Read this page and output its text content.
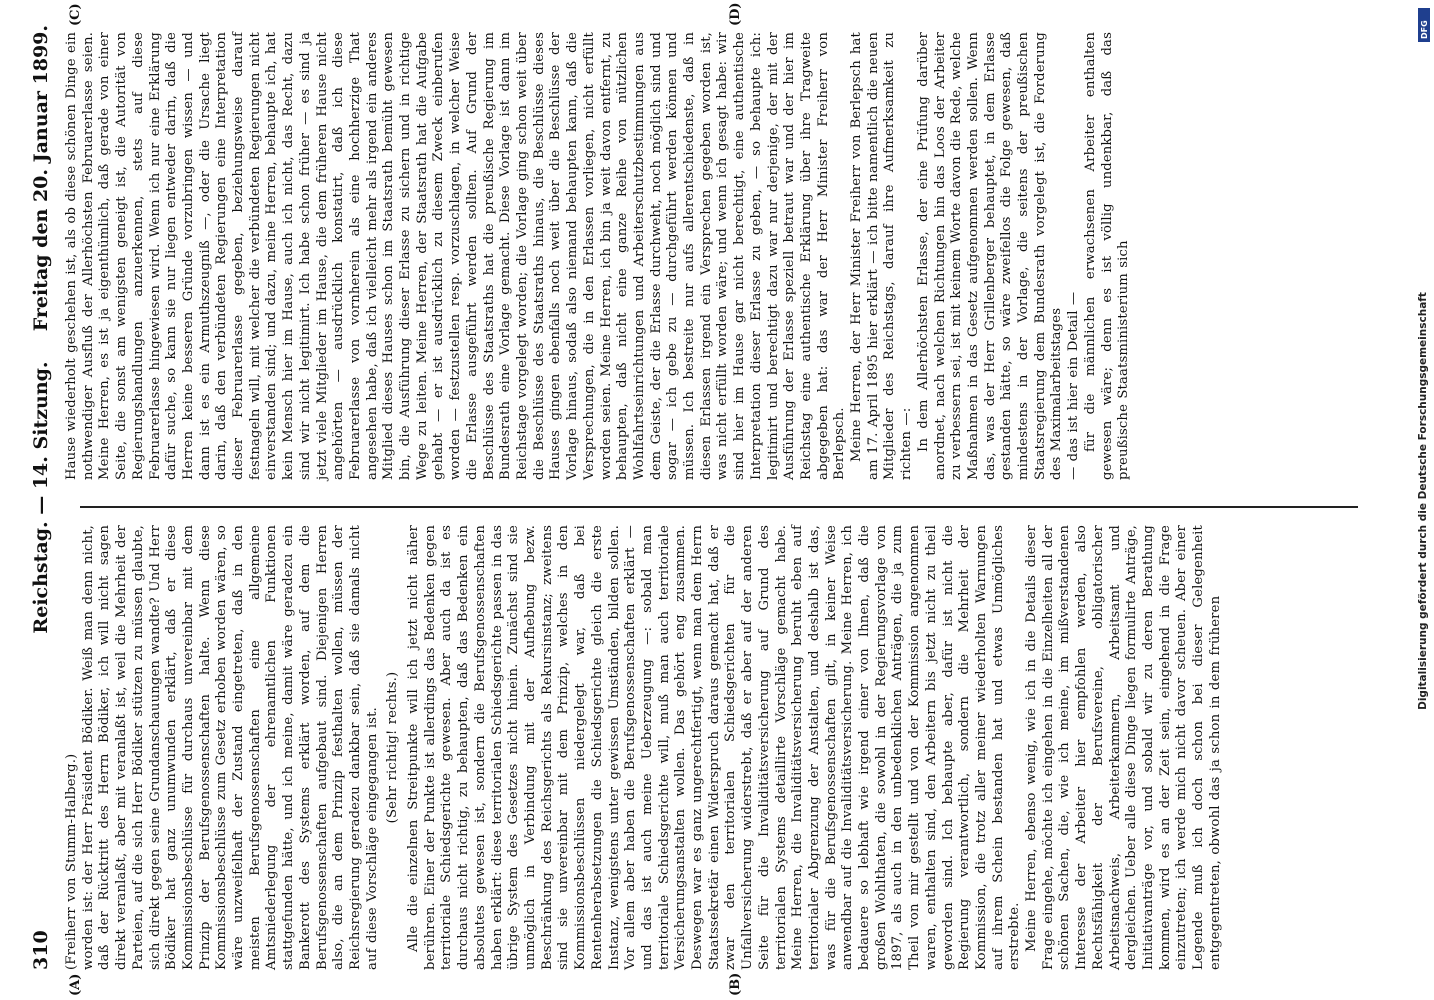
310
Reichstag. — 14. Sitzung.
Freitag den 20. Januar 1899.
(A)	(B)
(C)	(D)

(Freiherr von Stumm-Halberg.) worden ist: der Herr Präsident Bödiker. Weiß man denn nicht, daß der Rücktritt des Herrn Bödiker, ich will nicht sagen direkt veranlaßt, aber mit veranlaßt ist, weil die Mehrheit der Parteien, auf die sich Herr Bödiker stützen zu müssen glaubte, sich direkt gegen seine Grundanschauungen wandte? Und Herr Bödiker hat ganz unumwunden erklärt, daß er diese Kommissionsbeschlüsse für durchaus unvereinbar mit dem Prinzip der Berufsgenossenschaften halte. Wenn diese Kommissionsbeschlüsse zum Gesetz erhoben worden wären, so wäre unzweifelhaft der Zustand eingetreten, daß in den meisten Berufsgenossenschaften eine allgemeine Amtsniederlegung der ehrenamtlichen Funktionen stattgefunden hätte, und ich meine, damit wäre geradezu ein Bankerott des Systems erklärt worden, auf dem die Berufsgenossenschaften aufgebaut sind. Diejenigen Herren also, die an dem Prinzip festhalten wollen, müssen der Reichsregierung geradezu dankbar sein, daß sie damals nicht auf diese Vorschläge eingegangen ist. (Sehr richtig! rechts.) Alle die einzelnen Streitpunkte will ich jetzt nicht näher berühren. Einer der Punkte ist allerdings das Bedenken gegen territoriale Schiedsgerichte gewesen. Aber auch da ist es durchaus nicht richtig, zu behaupten, daß das Bedenken ein absolutes gewesen ist, sondern die Berufsgenossenschaften haben erklärt: diese territorialen Schiedsgerichte passen in das übrige System des Gesetzes nicht hinein. Zunächst sind sie unmöglich in Verbindung mit der Aufhebung bezw. Beschränkung des Reichsgerichts als Rekursinstanz; zweitens sind sie unvereinbar mit dem Prinzip, welches in den Kommissionsbeschlüssen niedergelegt war, daß bei Rentenherabsetzungen die Schiedsgerichte gleich die erste Instanz, wenigstens unter gewissen Umständen, bilden sollen. Vor allem aber haben die Berufsgenossenschaften erklärt — und das ist auch meine Ueberzeugung —: sobald man territoriale Schiedsgerichte will, muß man auch territoriale Versicherungsanstalten wollen. Das gehört eng zusammen. Deswegen war es ganz ungerechtfertigt, wenn man dem Herrn Staatssekretär einen Widerspruch daraus gemacht hat, daß er zwar den territorialen Schiedsgerichten für die Unfallversicherung widerstrebt, daß er aber auf der anderen Seite für die Invaliditätsversicherung auf Grund des territorialen Systems detaillirte Vorschläge gemacht habe. Meine Herren, die Invaliditätsversicherung beruht eben auf territorialer Abgrenzung der Anstalten, und deshalb ist das, was für die Berufsgenossenschaften gilt, in keiner Weise anwendbar auf die Invaliditätsversicherung. Meine Herren, ich bedauere so lebhaft wie irgend einer von Ihnen, daß die großen Wohlthaten, die sowohl in der Regierungsvorlage von 1897, als auch in den unbedenklichen Anträgen, die ja zum Theil von mir gestellt und von der Kommission angenommen waren, enthalten sind, den Arbeitern bis jetzt nicht zu theil geworden sind. Ich behaupte aber, dafür ist nicht die Regierung verantwortlich, sondern die Mehrheit der Kommission, die trotz aller meiner wiederholten Warnungen auf ihrem Schein bestanden hat und etwas Unmögliches erstrebte. Meine Herren, ebenso wenig, wie ich in die Details dieser Frage eingehe, möchte ich eingehen in die Einzelheiten all der schönen Sachen, die, wie ich meine, im mißverstandenen Interesse der Arbeiter hier empfohlen werden, also Rechtsfähigkeit der Berufsvereine, obligatorischer Arbeitsnachweis, Arbeiterkammern, Arbeitsamt und dergleichen. Ueber alle diese Dinge liegen formulirte Anträge, Initiativanträge vor, und sobald wir zu deren Berathung kommen, wird es an der Zeit sein, eingehend in die Frage einzutreten; ich werde mich nicht davor scheuen. Aber einer Legende muß ich doch schon bei dieser Gelegenheit entgegentreten, obwohl das ja schon in dem früheren

Hause wiederholt geschehen ist, als ob diese schönen Dinge ein nothwendiger Ausfluß der Allerhöchsten Februarerlasse seien. Meine Herren, es ist ja eigenthümlich, daß gerade von einer Seite, die sonst am wenigsten geneigt ist, die Autorität von Regierungshandlungen anzuerkennen, stets auf diese Februarerlasse hingewiesen wird. Wenn ich nur eine Erklärung dafür suche, so kann sie nur liegen entweder darin, daß die Herren keine besseren Gründe vorzubringen wissen — und dann ist es ein Armuthszeugniß —, oder die Ursache liegt darin, daß den verbündeten Regierungen eine Interpretation dieser Februarerlasse gegeben, beziehungsweise darauf festnageln will, mit welcher die verbündeten Regierungen nicht einverstanden sind; und dazu, meine Herren, behaupte ich, hat kein Mensch hier im Hause, auch ich nicht, das Recht, dazu sind wir nicht legitimirt. Ich habe schon früher — es sind ja jetzt viele Mitglieder im Hause, die dem früheren Hause nicht angehörten — ausdrücklich konstatirt, daß ich diese Februarerlasse von vornherein als eine hochherzige That angesehen habe, daß ich vielleicht mehr als irgend ein anderes Mitglied dieses Hauses schon im Staatsrath bemüht gewesen bin, die Ausführung dieser Erlasse zu sichern und in richtige Wege zu leiten. Meine Herren, der Staatsrath hat die Aufgabe gehabt — er ist ausdrücklich zu diesem Zweck einberufen worden — festzustellen resp. vorzuschlagen, in welcher Weise die Erlasse ausgeführt werden sollten. Auf Grund der Beschlüsse des Staatsraths hat die preußische Regierung im Bundesrath eine Vorlage gemacht. Diese Vorlage ist dann im Reichstage vorgelegt worden; die Vorlage ging schon weit über die Beschlüsse des Staatsraths hinaus, die Beschlüsse dieses Hauses gingen ebenfalls noch weit über die Beschlüsse der Vorlage hinaus, sodaß also niemand behaupten kann, daß die Versprechungen, die in den Erlassen vorliegen, nicht erfüllt worden seien. Meine Herren, ich bin ja weit davon entfernt, zu behaupten, daß nicht eine ganze Reihe von nützlichen Wohlfahrtseinrichtungen und Arbeiterschutzbestimmungen aus dem Geiste, der die Erlasse durchweht, noch möglich sind und sogar — ich gebe zu — durchgeführt werden können und müssen. Ich bestreite nur aufs allerentschiedenste, daß in diesen Erlassen irgend ein Versprechen gegeben worden ist, was nicht erfüllt worden wäre; und wenn ich gesagt habe: wir sind hier im Hause gar nicht berechtigt, eine authentische Interpretation dieser Erlasse zu geben, — so behaupte ich: legitimirt und berechtigt dazu war nur derjenige, der mit der Ausführung der Erlasse speziell betraut war und der hier im Reichstag eine authentische Erklärung über ihre Tragweite abgegeben hat: das war der Herr Minister Freiherr von Berlepsch. Meine Herren, der Herr Minister Freiherr von Berlepsch hat am 17. April 1895 hier erklärt — ich bitte namentlich die neuen Mitglieder des Reichstags, darauf ihre Aufmerksamkeit zu richten —: In dem Allerhöchsten Erlasse, der eine Prüfung darüber anordnet, nach welchen Richtungen hin das Loos der Arbeiter zu verbessern sei, ist mit keinem Worte davon die Rede, welche Maßnahmen in das Gesetz aufgenommen werden sollen. Wenn das, was der Herr Grillenberger behauptet, in dem Erlasse gestanden hätte, so wäre zweifellos die Folge gewesen, daß mindestens in der Vorlage, die seitens der preußischen Staatsregierung dem Bundesrath vorgelegt ist, die Forderung des Maximalarbeitstages — das ist hier ein Detail — für die männlichen erwachsenen Arbeiter enthalten gewesen wäre; denn es ist völlig undenkbar, daß das preußische Staatsministerium sich	Digitalisierung gefördert durch die Deutsche Forschungsgemeinschaft
DFG
